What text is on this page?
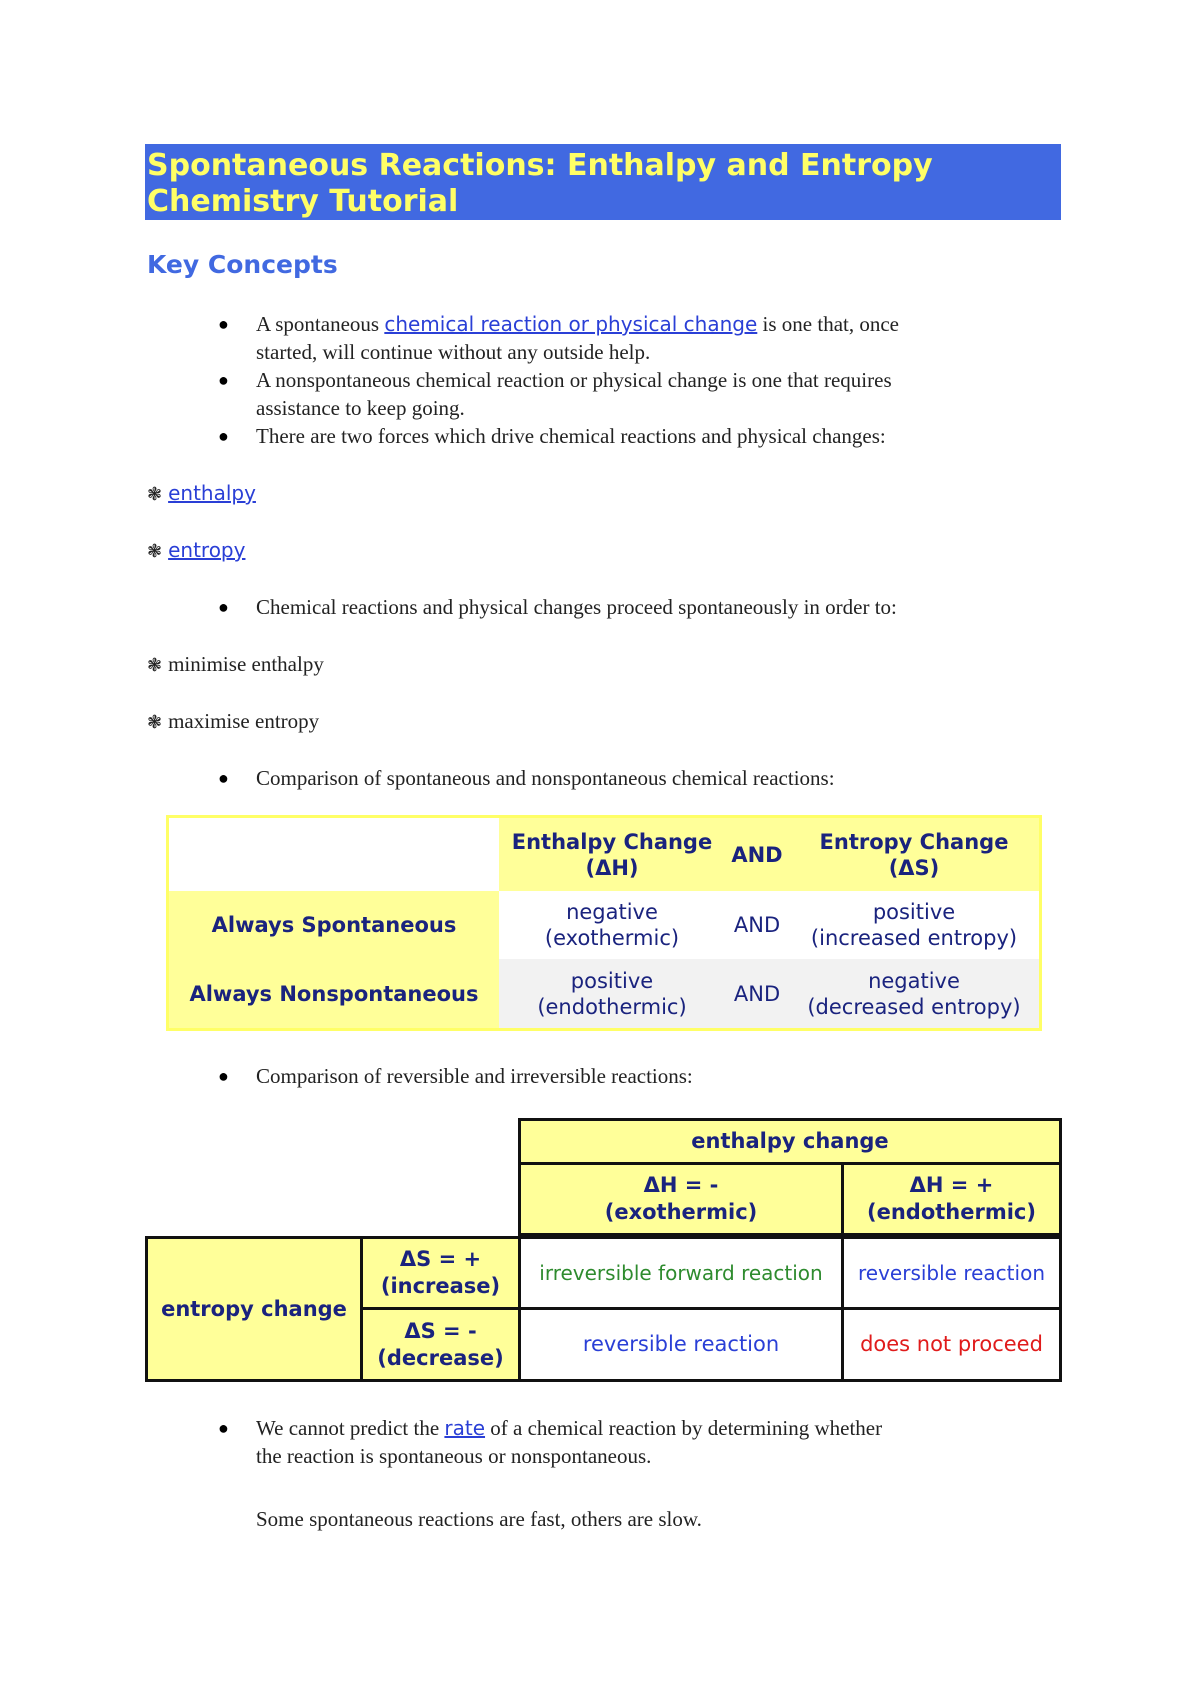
Spontaneous Reactions: Enthalpy and Entropy
Chemistry Tutorial
Key Concepts
● A spontaneous chemical reaction or physical change is one that, once
started, will continue without any outside help.
● A nonspontaneous chemical reaction or physical change is one that requires
assistance to keep going.
● There are two forces which drive chemical reactions and physical changes:
❃ enthalpy
❃ entropy
● Chemical reactions and physical changes proceed spontaneously in order to:
❃ minimise enthalpy
❃ maximise entropy
● Comparison of spontaneous and nonspontaneous chemical reactions:
Enthalpy Change
(ΔH)
AND
Entropy Change
(ΔS)
Always Spontaneous
negative
(exothermic)
AND
positive
(increased entropy)
Always Nonspontaneous
positive
(endothermic)
AND
negative
(decreased entropy)
● Comparison of reversible and irreversible reactions:
enthalpy change
ΔH = -
(exothermic)
ΔH = +
(endothermic)
entropy change
ΔS = +
(increase)
ΔS = -
(decrease)
irreversible forward reaction	reversible reaction
reversible reaction	does not proceed
● We cannot predict the rate of a chemical reaction by determining whether
the reaction is spontaneous or nonspontaneous.

Some spontaneous reactions are fast, others are slow.
